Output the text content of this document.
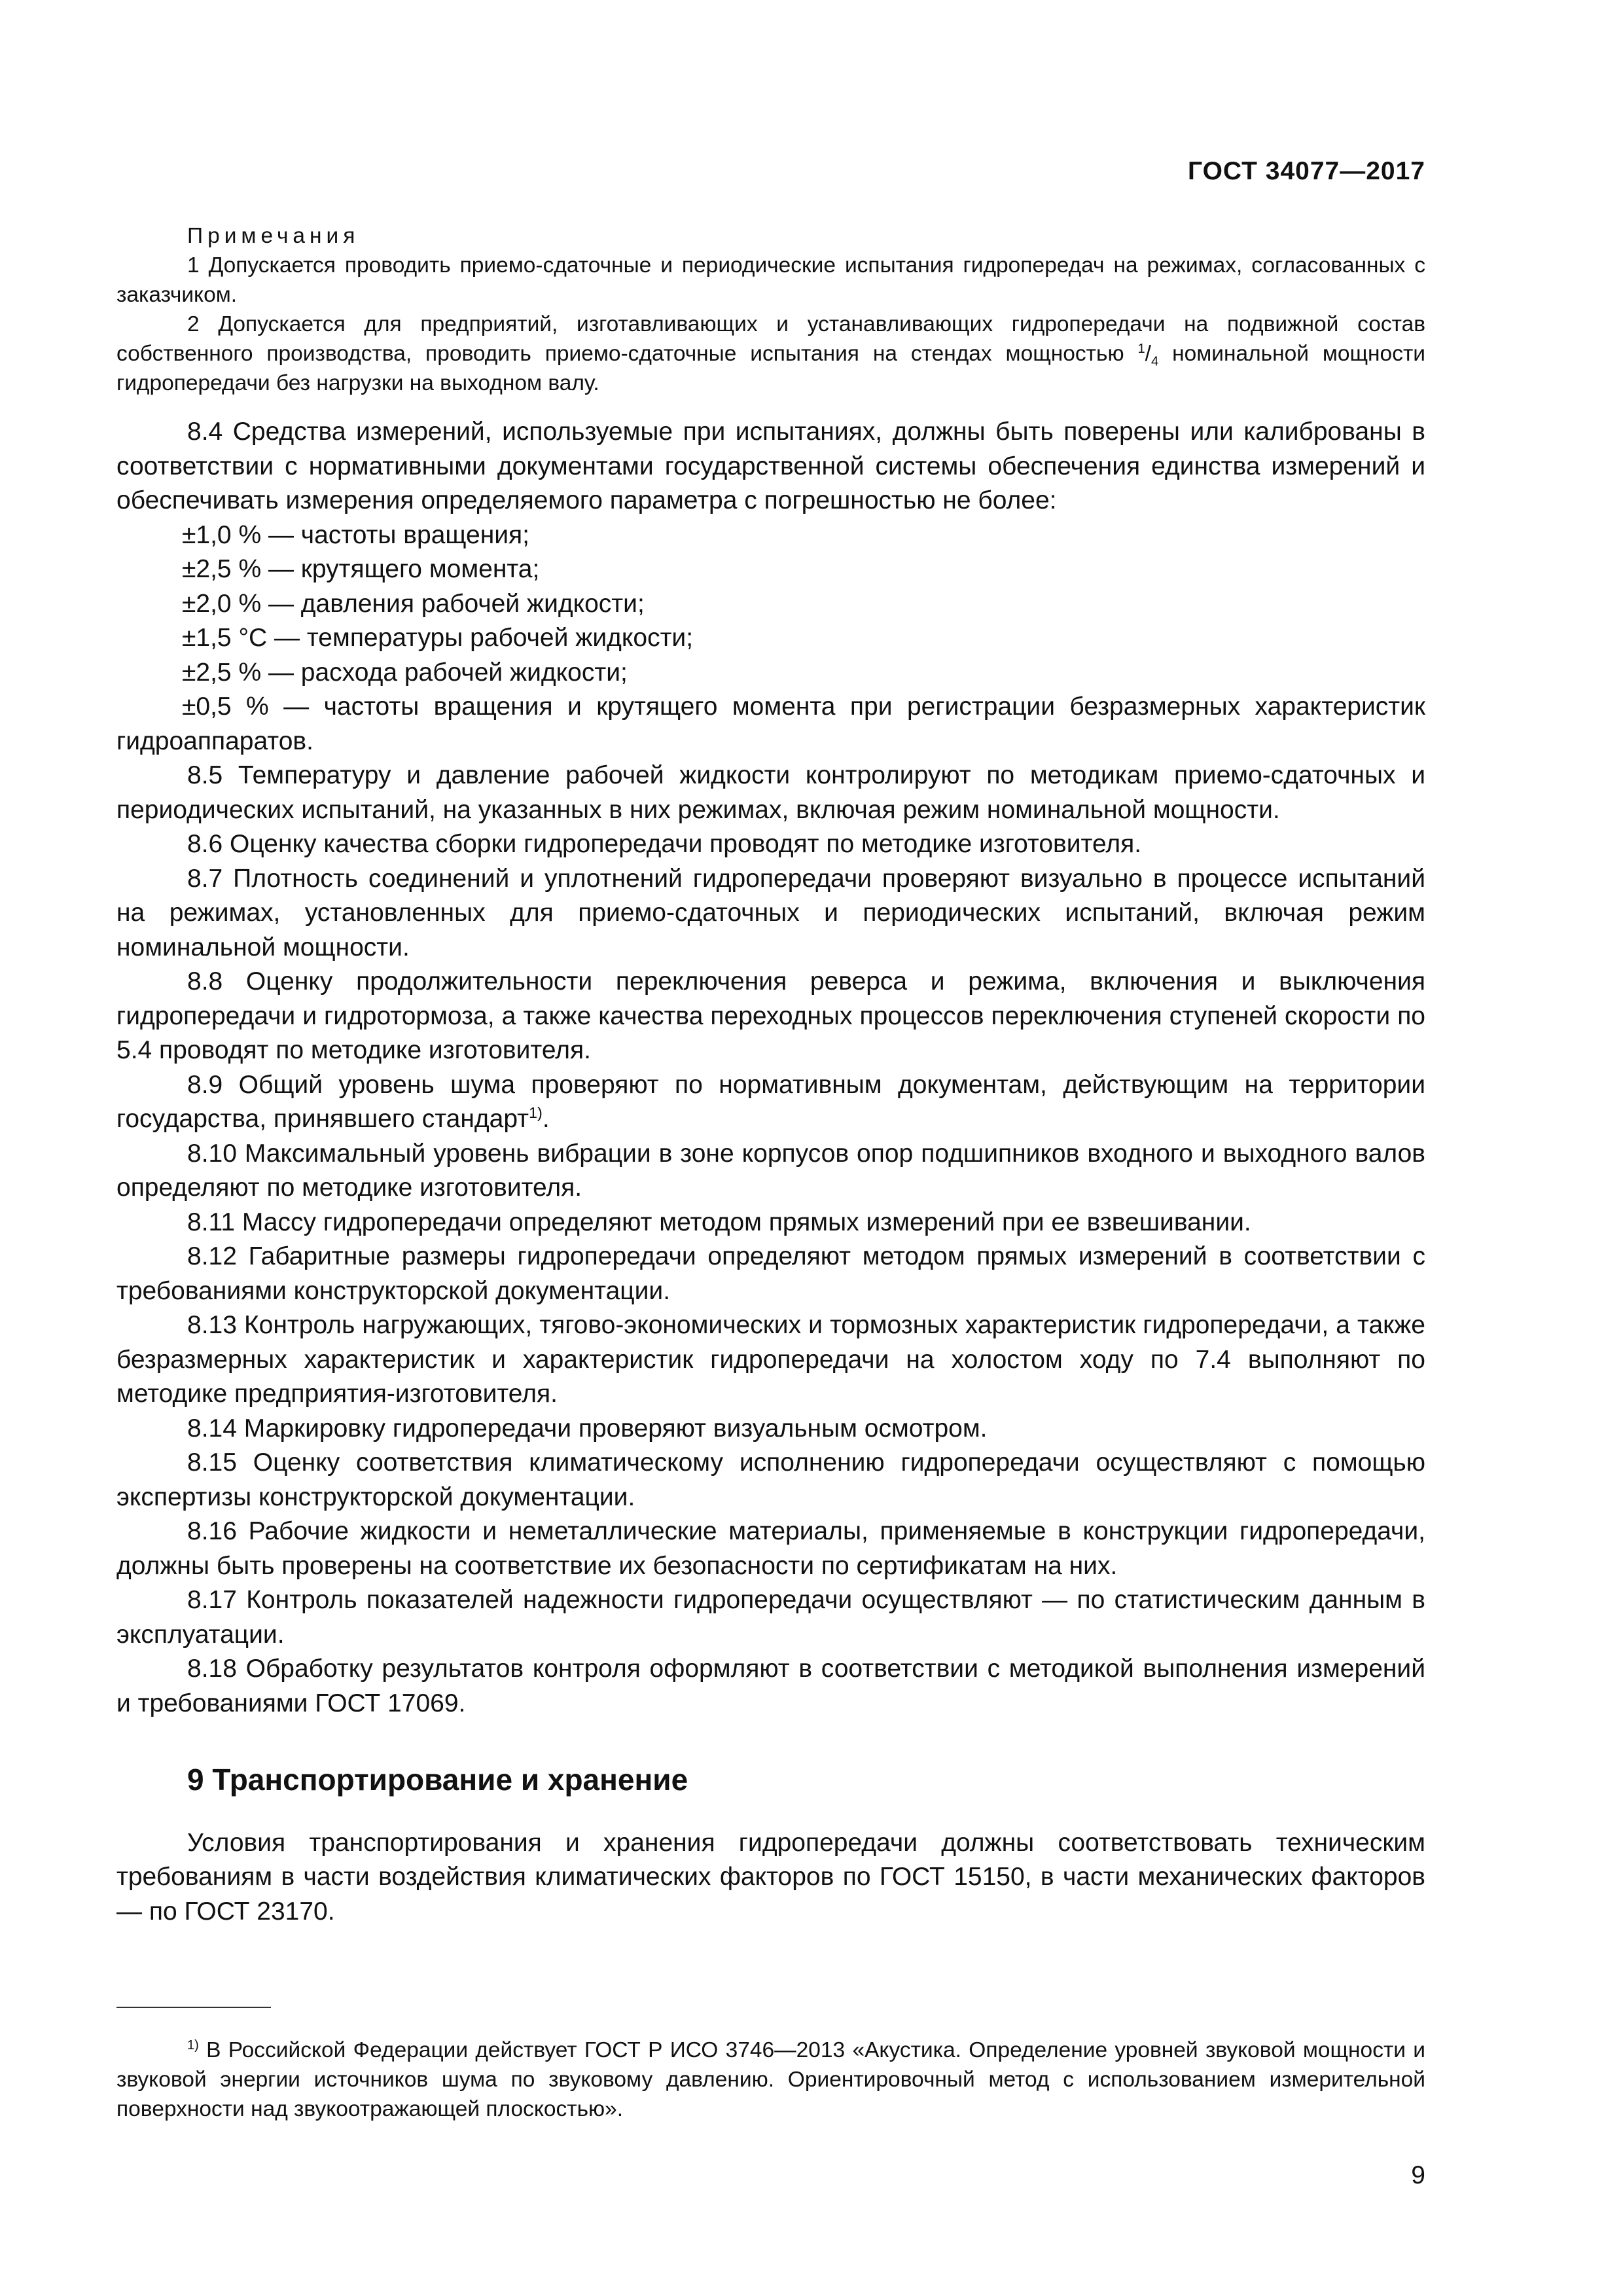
ГОСТ 34077—2017

Примечания

1 Допускается проводить приемо-сдаточные и периодические испытания гидропередач на режимах, согласованных с заказчиком.

2 Допускается для предприятий, изготавливающих и устанавливающих гидропередачи на подвижной состав собственного производства, проводить приемо-сдаточные испытания на стендах мощностью $^1/_4$ номинальной мощности гидропередачи без нагрузки на выходном валу.

8.4 Средства измерений, используемые при испытаниях, должны быть поверены или калиброваны в соответствии с нормативными документами государственной системы обеспечения единства измерений и обеспечивать измерения определяемого параметра с погрешностью не более:

±1,0 % — частоты вращения;

±2,5 % — крутящего момента;

±2,0 % — давления рабочей жидкости;

±1,5 °С — температуры рабочей жидкости;

±2,5 % — расхода рабочей жидкости;

±0,5 % — частоты вращения и крутящего момента при регистрации безразмерных характеристик гидроаппаратов.

8.5 Температуру и давление рабочей жидкости контролируют по методикам приемо-сдаточных и периодических испытаний, на указанных в них режимах, включая режим номинальной мощности.

8.6 Оценку качества сборки гидропередачи проводят по методике изготовителя.

8.7 Плотность соединений и уплотнений гидропередачи проверяют визуально в процессе испытаний на режимах, установленных для приемо-сдаточных и периодических испытаний, включая режим номинальной мощности.

8.8 Оценку продолжительности переключения реверса и режима, включения и выключения гидропередачи и гидротормоза, а также качества переходных процессов переключения ступеней скорости по 5.4 проводят по методике изготовителя.

8.9 Общий уровень шума проверяют по нормативным документам, действующим на территории государства, принявшего стандарт$^{1)}$.

8.10 Максимальный уровень вибрации в зоне корпусов опор подшипников входного и выходного валов определяют по методике изготовителя.

8.11 Массу гидропередачи определяют методом прямых измерений при ее взвешивании.

8.12 Габаритные размеры гидропередачи определяют методом прямых измерений в соответствии с требованиями конструкторской документации.

8.13 Контроль нагружающих, тягово-экономических и тормозных характеристик гидропередачи, а также безразмерных характеристик и характеристик гидропередачи на холостом ходу по 7.4 выполняют по методике предприятия-изготовителя.

8.14 Маркировку гидропередачи проверяют визуальным осмотром.

8.15 Оценку соответствия климатическому исполнению гидропередачи осуществляют с помощью экспертизы конструкторской документации.

8.16 Рабочие жидкости и неметаллические материалы, применяемые в конструкции гидропередачи, должны быть проверены на соответствие их безопасности по сертификатам на них.

8.17 Контроль показателей надежности гидропередачи осуществляют — по статистическим данным в эксплуатации.

8.18 Обработку результатов контроля оформляют в соответствии с методикой выполнения измерений и требованиями ГОСТ 17069.

9 Транспортирование и хранение

Условия транспортирования и хранения гидропередачи должны соответствовать техническим требованиям в части воздействия климатических факторов по ГОСТ 15150, в части механических факторов — по ГОСТ 23170.

$^{1)}$ В Российской Федерации действует ГОСТ Р ИСО 3746—2013 «Акустика. Определение уровней звуковой мощности и звуковой энергии источников шума по звуковому давлению. Ориентировочный метод с использованием измерительной поверхности над звукоотражающей плоскостью».

9
